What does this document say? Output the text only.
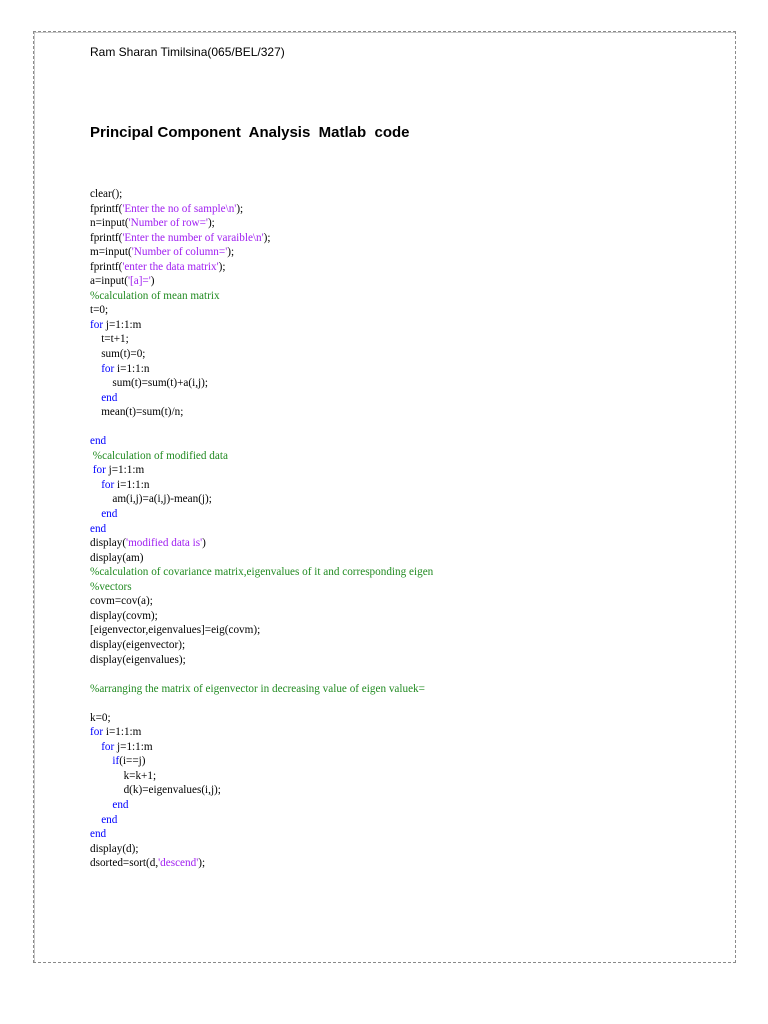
Ram Sharan Timilsina(065/BEL/327)
Principal Component  Analysis  Matlab  code
clear();
fprintf('Enter the no of sample\n');
n=input('Number of row=');
fprintf('Enter the number of varaible\n');
m=input('Number of column=');
fprintf('enter the data matrix');
a=input('[a]=')
%calculation of mean matrix
t=0;
for j=1:1:m
t=t+1;
sum(t)=0;
for i=1:1:n
sum(t)=sum(t)+a(i,j);
end
mean(t)=sum(t)/n;

end
%calculation of modified data
for j=1:1:m
for i=1:1:n
am(i,j)=a(i,j)-mean(j);
end
end
display('modified data is')
display(am)
%calculation of covariance matrix,eigenvalues of it and corresponding eigen
%vectors
covm=cov(a);
display(covm);
[eigenvector,eigenvalues]=eig(covm);
display(eigenvector);
display(eigenvalues);

%arranging the matrix of eigenvector in decreasing value of eigen valuek=

k=0;
for i=1:1:m
for j=1:1:m
if(i==j)
k=k+1;
d(k)=eigenvalues(i,j);
end
end
end
display(d);
dsorted=sort(d,'descend');
